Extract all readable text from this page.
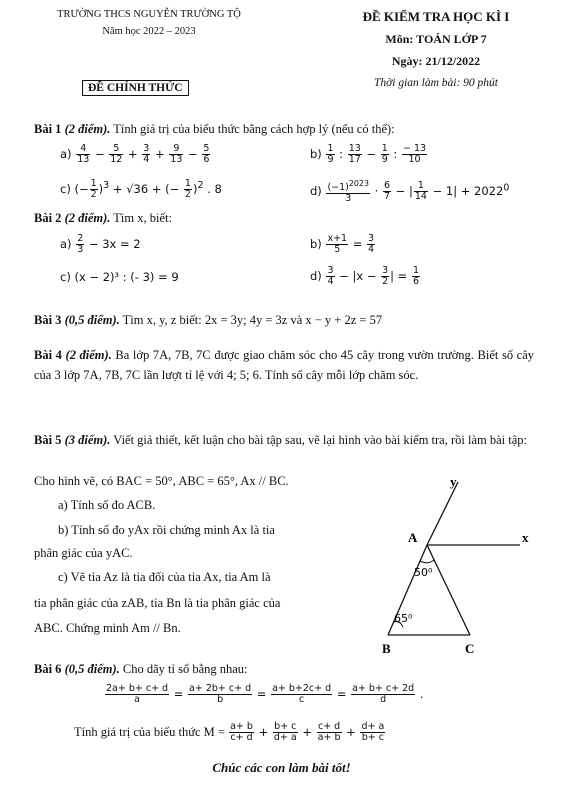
TRƯỜNG THCS NGUYỄN TRƯỜNG TỘ
Năm học 2022 – 2023
ĐỀ CHÍNH THỨC
ĐỀ KIỂM TRA HỌC KÌ I
Môn: TOÁN LỚP 7
Ngày: 21/12/2022
Thời gian làm bài: 90 phút
Bài 1 (2 điểm). Tính giá trị của biểu thức bằng cách hợp lý (nếu có thể):
$a) \frac{4}{13} - \frac{5}{12} + \frac{3}{4} + \frac{9}{13} - \frac{5}{6}$	$b) \frac{1}{9}$ : $\frac{13}{17} - \frac{1}{9}$ : $\frac{- 13}{10}$
c) (− $\frac{1}{2} )^3 + √36$ + (− $\frac{1}{2} )^2$ . 8	$d) \frac{(-1)^{2023}}{3} \cdot \frac{6}{7}$ − | $\frac{1}{14} - 1| + 2022^0$
Bài 2 (2 điểm). Tìm x, biết:
$a) \frac{2}{3} - 3x = 2$	$b) \frac{x+1}{5} = \frac{3}{4}$
c) (x − 2)³ : (- 3) = 9	$d) \frac{3}{4} - |x - \frac{3}{2}$ | = $\frac{1}{6}$
Bài 3 (0,5 điểm). Tìm x, y, z biết: 2x = 3y; 4y = 3z và x − y + 2z = 57
Bài 4 (2 điểm). Ba lớp 7A, 7B, 7C được giao chăm sóc cho 45 cây trong vườn trường. Biết số cây của 3 lớp 7A, 7B, 7C lần lượt tỉ lệ với 4; 5; 6. Tính số cây mỗi lớp chăm sóc.
Bài 5 (3 điểm). Viết giả thiết, kết luận cho bài tập sau, vẽ lại hình vào bài kiểm tra, rồi làm bài tập:
Cho hình vẽ, có BAC = 50°, ABC = 65°, Ax // BC.
a) Tính số đo ACB.
b) Tính số đo yAx rồi chứng minh Ax là tia
phân giác của yAC.
c) Vẽ tia Az là tia đối của tia Ax, tia Am là
tia phân giác của zAB, tia Bn là tia phân giác của
ABC. Chứng minh Am // Bn.
y
x
A
B	C
50⁰
65⁰
Bài 6 (0,5 điểm). Cho dãy tỉ số bằng nhau:
$\frac{2a+ b+ c+ d}{a} = \frac{a+ 2b+ c+ d}{b} = \frac{a+ b+2c+ d}{c} = \frac{a+ b+ c+ 2d}{d}$ .
Tính giá trị của biểu thức $M = \frac{a+ b}{c+ d} + \frac{b+ c}{d+ a} + \frac{c+ d}{a+ b} + \frac{d+ a}{b+ c}$
Chúc các con làm bài tốt!
